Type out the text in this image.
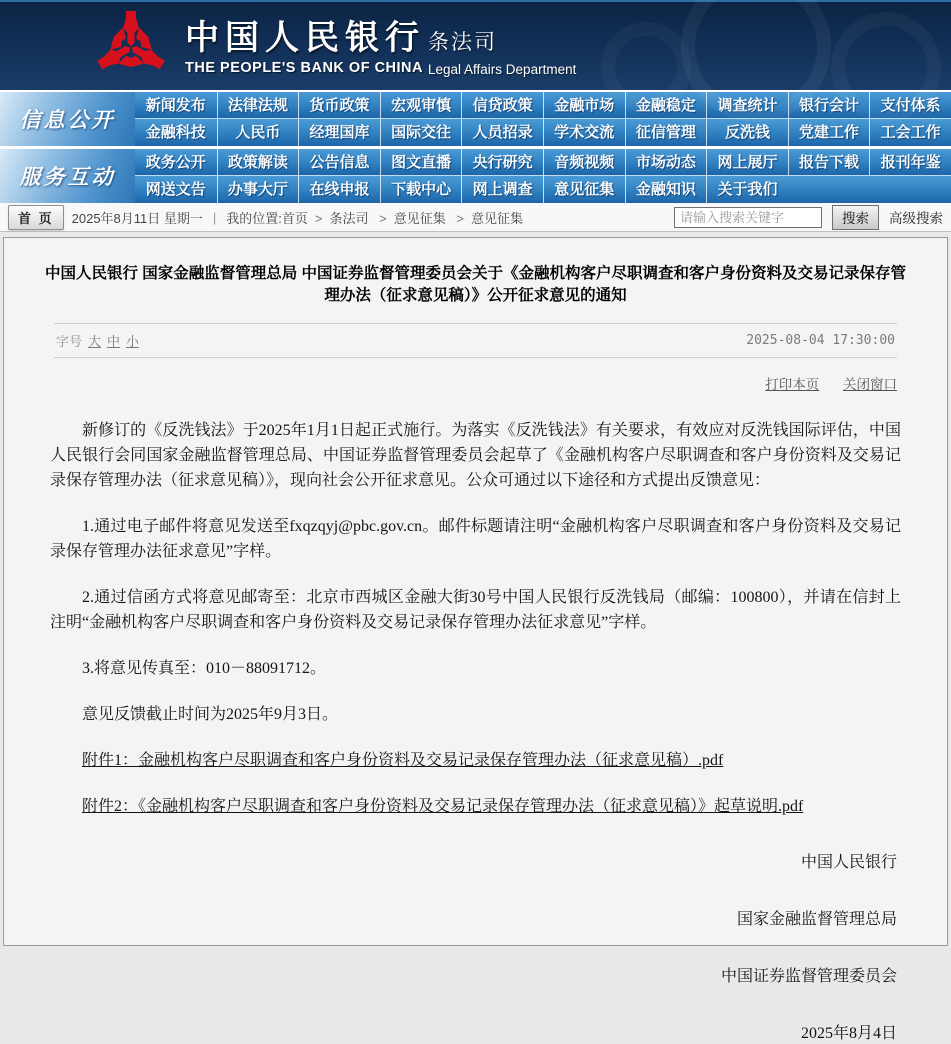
中国人民银行
THE PEOPLE'S BANK OF CHINA
条法司
Legal Affairs Department
信息公开
新闻发布	法律法规	货币政策	宏观审慎	信贷政策	金融市场	金融稳定	调查统计	银行会计	支付体系
金融科技	人民币	经理国库	国际交往	人员招录	学术交流	征信管理	反洗钱	党建工作	工会工作
服务互动
政务公开	政策解读	公告信息	图文直播	央行研究	音频视频	市场动态	网上展厅	报告下载	报刊年鉴
网送文告	办事大厅	在线申报	下载中心	网上调查	意见征集	金融知识	关于我们
首 页	2025年8月11日 星期一 | 我的位置:首页 > 条法司 > 意见征集 > 意见征集
请输入搜索关键字	搜索	高级搜索
中国人民银行 国家金融监督管理总局 中国证券监督管理委员会关于《金融机构客户尽职调查和客户身份资料及交易记录保存管理办法（征求意见稿）》公开征求意见的通知
字号 大 中 小	2025-08-04 17:30:00
打印本页 关闭窗口

新修订的《反洗钱法》于2025年1月1日起正式施行。为落实《反洗钱法》有关要求，有效应对反洗钱国际评估，中国人民银行会同国家金融监督管理总局、中国证券监督管理委员会起草了《金融机构客户尽职调查和客户身份资料及交易记录保存管理办法（征求意见稿）》，现向社会公开征求意见。公众可通过以下途径和方式提出反馈意见：

1.通过电子邮件将意见发送至fxqzqyj@pbc.gov.cn。邮件标题请注明“金融机构客户尽职调查和客户身份资料及交易记录保存管理办法征求意见”字样。

2.通过信函方式将意见邮寄至：北京市西城区金融大街30号中国人民银行反洗钱局（邮编：100800），并请在信封上注明“金融机构客户尽职调查和客户身份资料及交易记录保存管理办法征求意见”字样。

3.将意见传真至：010－88091712。

意见反馈截止时间为2025年9月3日。

附件1：金融机构客户尽职调查和客户身份资料及交易记录保存管理办法（征求意见稿）.pdf

附件2：《金融机构客户尽职调查和客户身份资料及交易记录保存管理办法（征求意见稿）》起草说明.pdf

中国人民银行

国家金融监督管理总局

中国证券监督管理委员会

2025年8月4日
